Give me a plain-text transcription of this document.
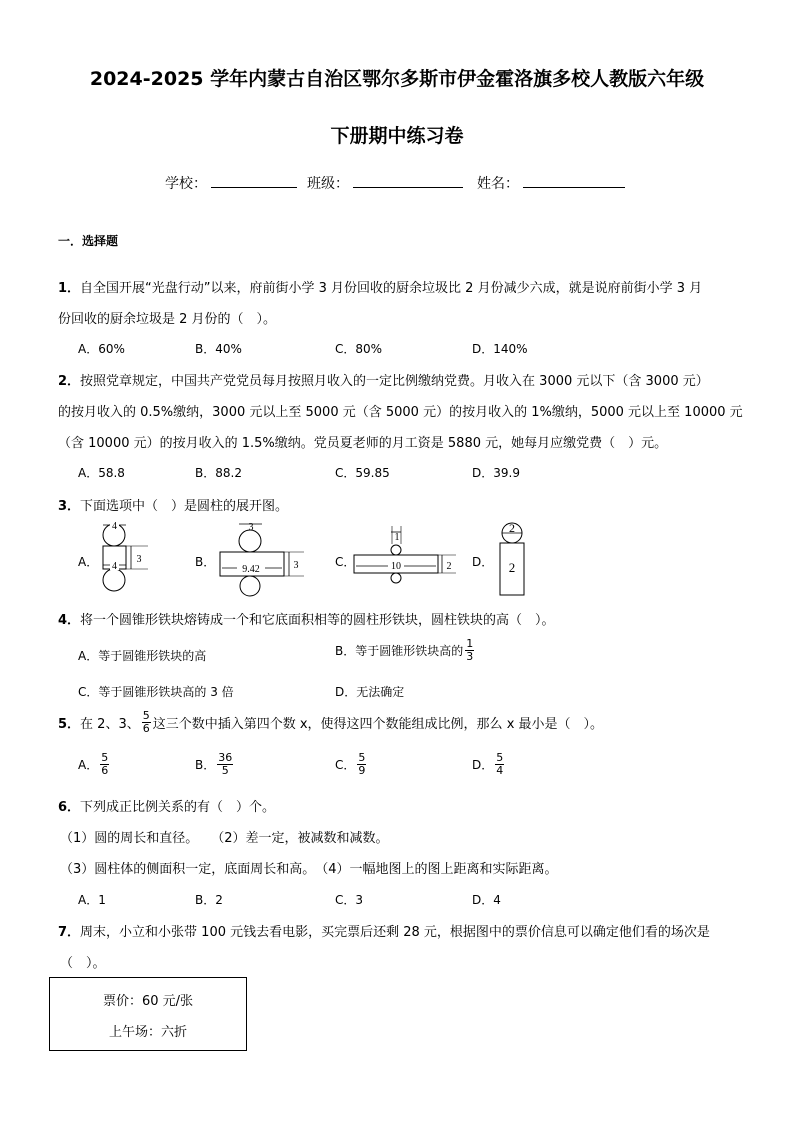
2024-2025 学年内蒙古自治区鄂尔多斯市伊金霍洛旗多校人教版六年级
下册期中练习卷
学校：	班级：	姓名：
一．选择题
1．自全国开展“光盘行动”以来，府前街小学 3 月份回收的厨余垃圾比 2 月份减少六成，就是说府前街小学 3 月
份回收的厨余垃圾是 2 月份的（　）。
A．60%	B．40%	C．80%	D．140%
2．按照党章规定，中国共产党党员每月按照月收入的一定比例缴纳党费。月收入在 3000 元以下（含 3000 元）
的按月收入的 0.5%缴纳，3000 元以上至 5000 元（含 5000 元）的按月收入的 1%缴纳，5000 元以上至 10000 元
（含 10000 元）的按月收入的 1.5%缴纳。党员夏老师的月工资是 5880 元，她每月应缴党费（　）元。
A．58.8	B．88.2	C．59.85	D．39.9
3．下面选项中（　）是圆柱的展开图。
A．	B．	C．	D．
4
4
3
3
9.42	3
1
10	2
2
2
4．将一个圆锥形铁块熔铸成一个和它底面积相等的圆柱形铁块，圆柱铁块的高（　）。
A．等于圆锥形铁块的高	B．等于圆锥形铁块高的 $\frac{1}{3}$
C．等于圆锥形铁块高的 3 倍	D．无法确定
5．在 2、3、 $\frac{5}{6}$ 这三个数中插入第四个数 x，使得这四个数能组成比例，那么 x 最小是（　）。
A． $\frac{5}{6}$	B． $\frac{36}{5}$	C． $\frac{5}{9}$	D． $\frac{5}{4}$
6．下列成正比例关系的有（　）个。
（1）圆的周长和直径。　　（2）差一定，被减数和减数。
（3）圆柱体的侧面积一定，底面周长和高。　（4）一幅地图上的图上距离和实际距离。
A．1	B．2	C．3	D．4
7．周末，小立和小张带 100 元钱去看电影，买完票后还剩 28 元，根据图中的票价信息可以确定他们看的场次是
（　）。
票价：60 元/张
上午场：六折
